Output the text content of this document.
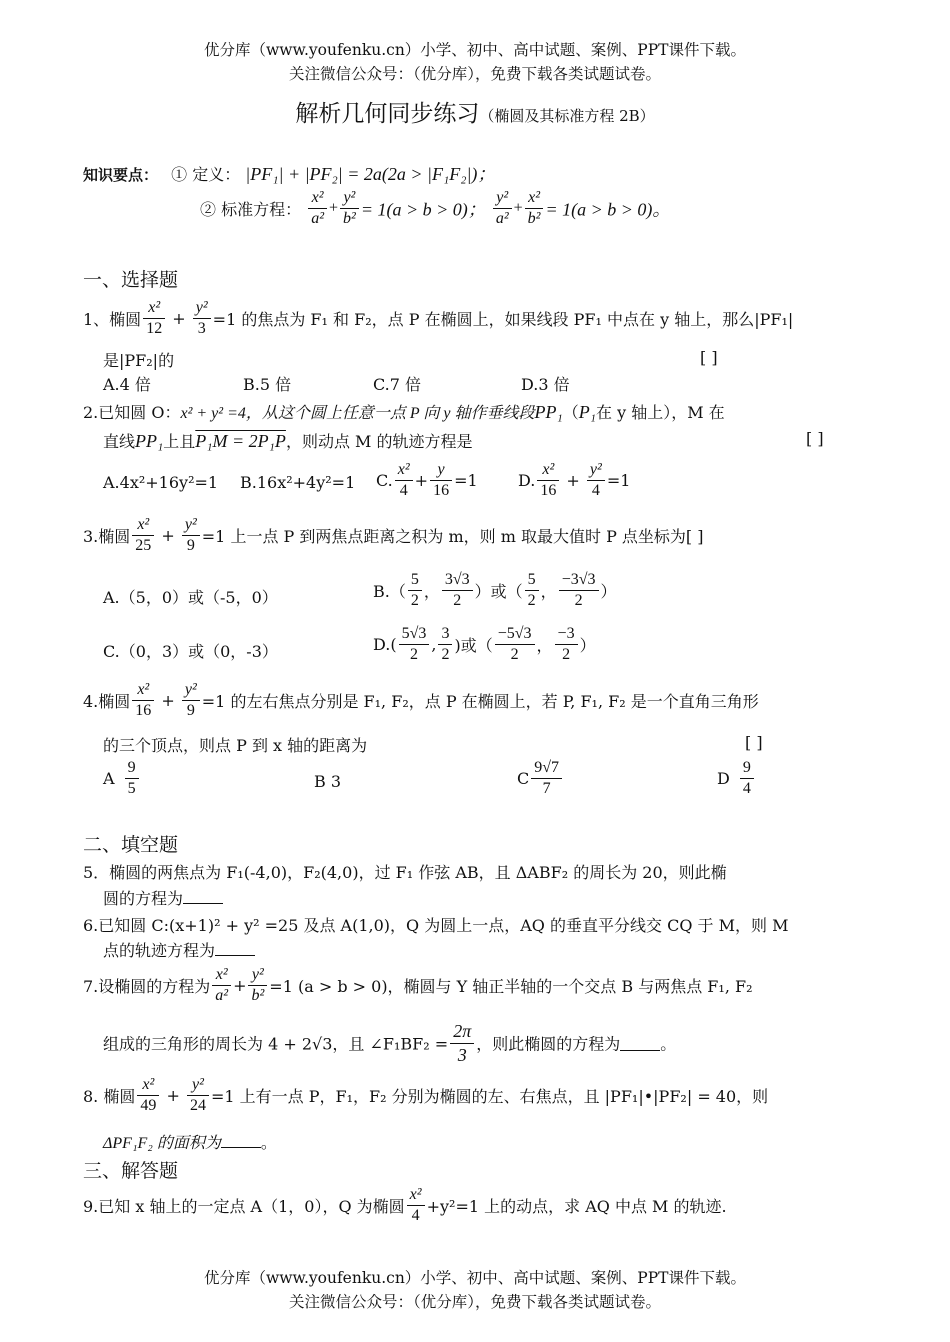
优分库（www.youfenku.cn）小学、初中、高中试题、案例、PPT课件下载。
关注微信公众号：（优分库），免费下载各类试题试卷。
解析几何同步练习（椭圆及其标准方程 2B）
知识要点： ① 定义： |PF₁| + |PF₂| = 2a(2a > |F₁F₂|)；
② 标准方程： $\frac{\text{x²}}{\text{a²}} + \frac{\text{y²}}{\text{b²}} = 1(a > b > 0)$； $\frac{\text{y²}}{\text{a²}} + \frac{\text{x²}}{\text{b²}} = 1(a > b > 0)$。
一、选择题
1、椭圆 $\frac{\text{x²}}{12} + \frac{\text{y²}}{3} =1$ 的焦点为 F₁ 和 F₂，点 P 在椭圆上，如果线段 PF₁ 中点在 y 轴上，那么|PF₁|
是|PF₂|的	[ ]
A.4 倍	B.5 倍	C.7 倍	D.3 倍
2.已知圆 O：x² + y² =4，从这个圆上任意一点 P 向 y 轴作垂线段PP₁（P₁在 y 轴上），M 在
直线PP₁上且P₁M = 2P₁P，则动点 M 的轨迹方程是	[ ]
A.4x²+16y²=1 B.16x²+4y²=1 C. $\frac{\text{x²}}{4} + \frac{y}{16} =1$	D. $\frac{\text{x²}}{16} + \frac{\text{y²}}{4} =1$
3.椭圆 $\frac{\text{x²}}{25} + \frac{\text{y²}}{9} =1$ 上一点 P 到两焦点距离之积为 m，则 m 取最大值时 P 点坐标为[ ]
A.（5，0）或（-5，0）	$B.( \frac{5}{2}$ ， $\frac{3√3}{2}$ ）或（ $\frac{5}{2}$ ， $\frac{-3√3}{2}$ ）
C.（0，3）或（0，-3）	$D.( \frac{5√3}{2}$ , $\frac{3}{2}$ )或（ $\frac{-5√3}{2}$ ， $\frac{-3}{2}$ ）
4.椭圆 $\frac{\text{x²}}{16} + \frac{\text{y²}}{9} =1$ 的左右焦点分别是 F₁, F₂，点 P 在椭圆上，若 P, F₁, F₂ 是一个直角三角形
的三个顶点，则点 P 到 x 轴的距离为	[ ]
A $\frac{9}{5}$	B 3	C $\frac{9√7}{7}$	D $\frac{9}{4}$
二、填空题
5．椭圆的两焦点为 F₁(-4,0)，F₂(4,0)，过 F₁ 作弦 AB，且 ΔABF₂ 的周长为 20，则此椭
圆的方程为
6.已知圆 C:(x+1)² + y² =25 及点 A(1,0)，Q 为圆上一点，AQ 的垂直平分线交 CQ 于 M，则 M
点的轨迹方程为
7.设椭圆的方程为 $\frac{\text{x²}}{\text{a²}} + \frac{\text{y²}}{\text{b²}} =1$ (a > b > 0)，椭圆与 Y 轴正半轴的一个交点 B 与两焦点 F₁, F₂
组成的三角形的周长为 4 + 2√3，且 ∠F₁BF₂ = $\frac{2\pi}{3}$ ，则此椭圆的方程为	。
8. 椭圆 $\frac{\text{x²}}{49} + \frac{\text{y²}}{24} =1$ 上有一点 P，F₁，F₂ 分别为椭圆的左、右焦点，且 |PF₁|•|PF₂| = 40，则
ΔPF₁F₂ 的面积为	。
三、解答题
9.已知 x 轴上的一定点 A（1，0），Q 为椭圆 $\frac{\text{x²}}{4} +y^2=1$ 上的动点，求 AQ 中点 M 的轨迹.
优分库（www.youfenku.cn）小学、初中、高中试题、案例、PPT课件下载。
关注微信公众号：（优分库），免费下载各类试题试卷。
